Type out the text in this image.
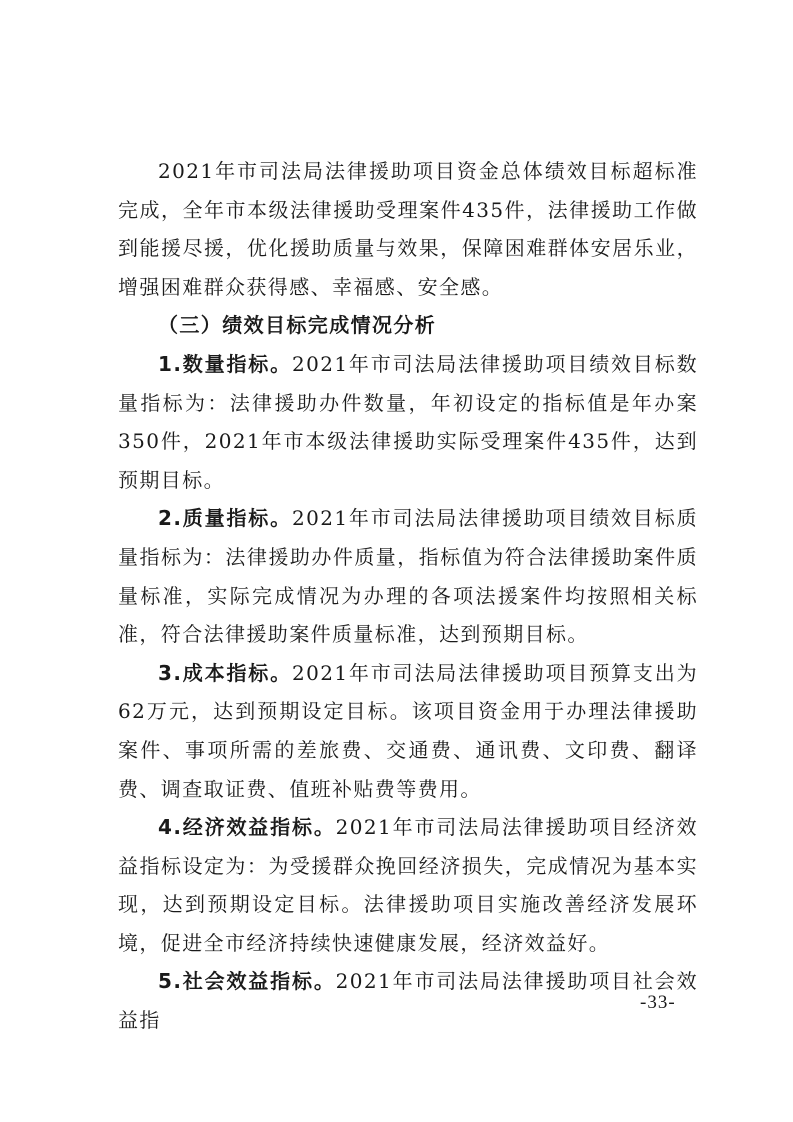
2021年市司法局法律援助项目资金总体绩效目标超标准完成，全年市本级法律援助受理案件435件，法律援助工作做到能援尽援，优化援助质量与效果，保障困难群体安居乐业，增强困难群众获得感、幸福感、安全感。

（三）绩效目标完成情况分析

1.数量指标。2021年市司法局法律援助项目绩效目标数量指标为：法律援助办件数量，年初设定的指标值是年办案350件，2021年市本级法律援助实际受理案件435件，达到预期目标。

2.质量指标。2021年市司法局法律援助项目绩效目标质量指标为：法律援助办件质量，指标值为符合法律援助案件质量标准，实际完成情况为办理的各项法援案件均按照相关标准，符合法律援助案件质量标准，达到预期目标。

3.成本指标。2021年市司法局法律援助项目预算支出为62万元，达到预期设定目标。该项目资金用于办理法律援助案件、事项所需的差旅费、交通费、通讯费、文印费、翻译费、调查取证费、值班补贴费等费用。

4.经济效益指标。2021年市司法局法律援助项目经济效益指标设定为：为受援群众挽回经济损失，完成情况为基本实现，达到预期设定目标。法律援助项目实施改善经济发展环境，促进全市经济持续快速健康发展，经济效益好。

5.社会效益指标。2021年市司法局法律援助项目社会效益指

-33-
